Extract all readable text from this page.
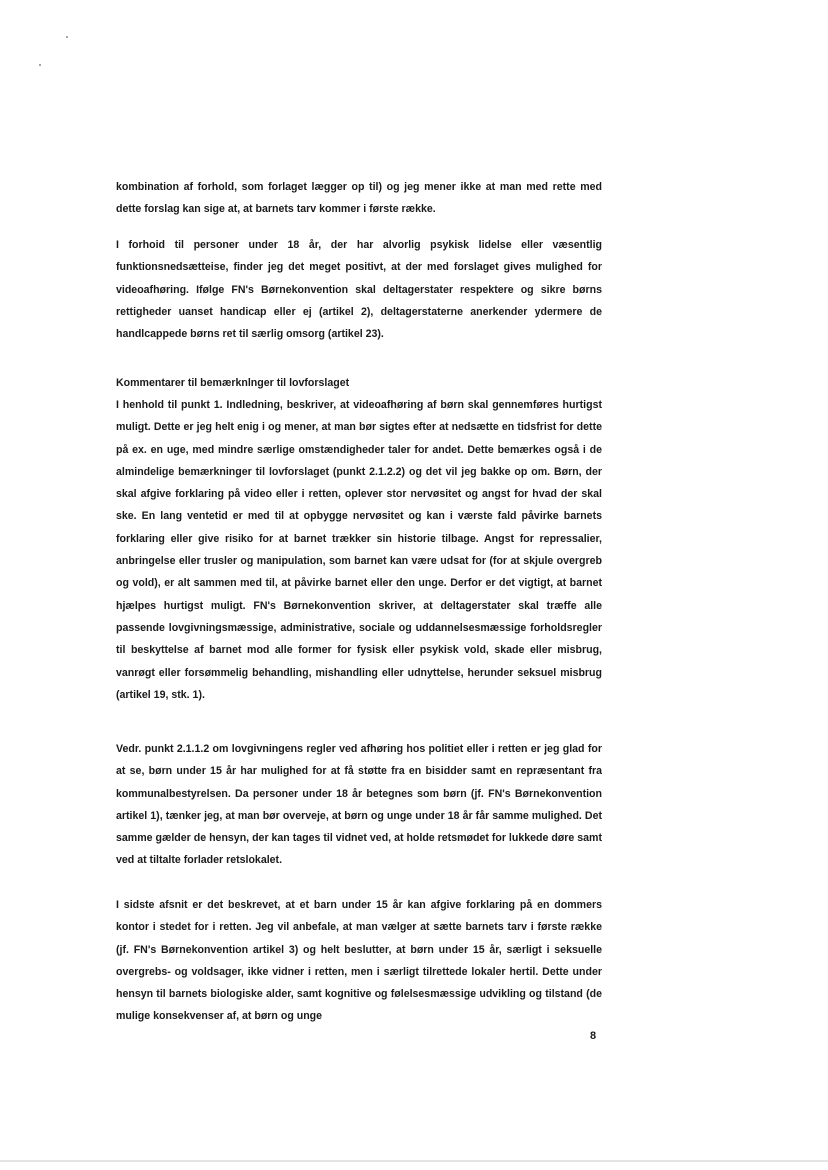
kombination af forhold, som forlaget lægger op til) og jeg mener ikke at man med rette med dette forslag kan sige at, at barnets tarv kommer i første række.

I forhoid til personer under 18 år, der har alvorlig psykisk lidelse eller væsentlig funktionsnedsætteise, finder jeg det meget positivt, at der med forslaget gives mulighed for videoafhøring. Ifølge FN's Børnekonvention skal deltagerstater respektere og sikre børns rettigheder uanset handicap eller ej (artikel 2), deltagerstaterne anerkender ydermere de handlcappede børns ret til særlig omsorg (artikel 23).

Kommentarer til bemærknlnger til lovforslaget

I henhold til punkt 1. Indledning, beskriver, at videoafhøring af børn skal gennemføres hurtigst muligt. Dette er jeg helt enig i og mener, at man bør sigtes efter at nedsætte en tidsfrist for dette på ex. en uge, med mindre særlige omstændigheder taler for andet. Dette bemærkes også i de almindelige bemærkninger til lovforslaget (punkt 2.1.2.2) og det vil jeg bakke op om. Børn, der skal afgive forklaring på video eller i retten, oplever stor nervøsitet og angst for hvad der skal ske. En lang ventetid er med til at opbygge nervøsitet og kan i værste fald påvirke barnets forklaring eller give risiko for at barnet trækker sin historie tilbage. Angst for repressalier, anbringelse eller trusler og manipulation, som barnet kan være udsat for (for at skjule overgreb og vold), er alt sammen med til, at påvirke barnet eller den unge. Derfor er det vigtigt, at barnet hjælpes hurtigst muligt. FN's Børnekonvention skriver, at deltagerstater skal træffe alle passende lovgivningsmæssige, administrative, sociale og uddannelsesmæssige forholdsregler til beskyttelse af barnet mod alle former for fysisk eller psykisk vold, skade eller misbrug, vanrøgt eller forsømmelig behandling, mishandling eller udnyttelse, herunder seksuel misbrug (artikel 19, stk. 1).

Vedr. punkt 2.1.1.2 om lovgivningens regler ved afhøring hos politiet eller i retten er jeg glad for at se, børn under 15 år har mulighed for at få støtte fra en bisidder samt en repræsentant fra kommunalbestyrelsen. Da personer under 18 år betegnes som børn (jf. FN's Børnekonvention artikel 1), tænker jeg, at man bør overveje, at børn og unge under 18 år får samme mulighed. Det samme gælder de hensyn, der kan tages til vidnet ved, at holde retsmødet for lukkede døre samt ved at tiltalte forlader retslokalet.

I sidste afsnit er det beskrevet, at et barn under 15 år kan afgive forklaring på en dommers kontor i stedet for i retten. Jeg vil anbefale, at man vælger at sætte barnets tarv i første række (jf. FN's Børnekonvention artikel 3) og helt beslutter, at børn under 15 år, særligt i seksuelle overgrebs- og voldsager, ikke vidner i retten, men i særligt tilrettede lokaler hertil. Dette under hensyn til barnets biologiske alder, samt kognitive og følelsesmæssige udvikling og tilstand (de mulige konsekvenser af, at børn og unge

8
